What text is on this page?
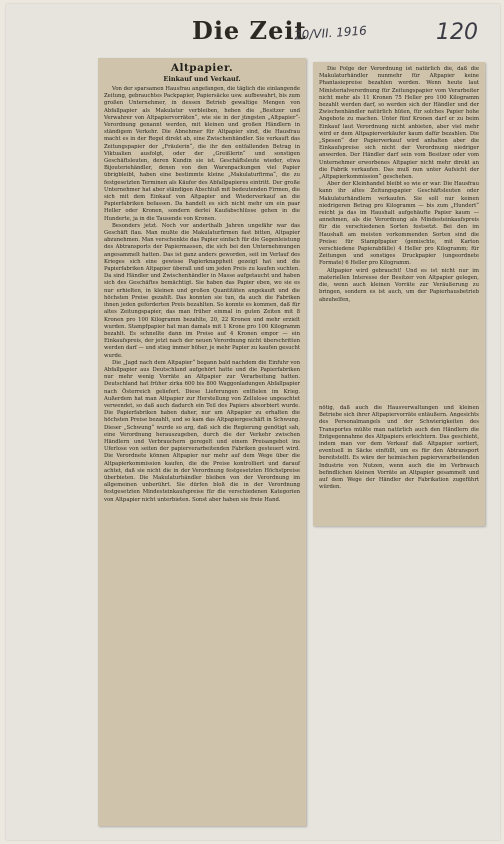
Die Zeit
20/VII. 1916	120
Altpapier.
Einkauf und Verkauf.

Von der sparsamen Hausfrau angefangen, die täglich die einlangende Zeitung, gebrauchtes Packpapier, Papiersäcke usw. aufbewahrt, bis zum großen Unternehmer, in dessen Betrieb gewaltige Mengen von Abfallpapier als Makulatur verbleiben, heben die „Besitzer und Verwahrer von Altpapiervorräten“, wie sie in der jüngsten „Altpapier“-Verordnung genannt werden, mit kleinen und großen Händlern in ständigem Verkehr. Die Abnehmer für Altpapier sind, die Hausfrau macht es in der Regel direkt ab, eine Zwischenhändler. Sie verkauft das Zeitungspapier der „Fräulerin“, die ihr den entfallenden Betrag in Viktualien ausfolgt, oder der „Greißlerin“ und sonstigen Geschäftsleuten, deren Kundin sie ist. Geschäftsleute wieder, etwa Bijouteriehändler, denen von den Warenpackungen viel Papier übrigbleibt, haben eine bestimmte kleine „Makulaturfirma“, die zu festgesetzten Terminen als Käufer des Abfallpapieres eintritt. Der große Unternehmer hat aber ständigen Abschluß mit bedeutenden Firmen, die sich mit dem Einkauf von Altpapier und Wiederverkauf an die Papierfabriken befassen. Da handelt es sich nicht mehr um ein paar Heller oder Kronen, sondern derlei Kaufabschlüsse gehen in die Hunderte, ja in die Tausende von Kronen.

Besonders jetzt. Noch vor anderthalb Jahren ungefähr war das Geschäft flau. Man mußte die Makulaturfirmen fast bitten, Altpapier abzunehmen. Man verschenkte das Papier einfach für die Gegenleistung des Abtransports der Papiermassen, die sich bei den Unternehmungen angesammelt hatten. Das ist ganz anders geworden, seit im Verlauf des Krieges sich eine gewisse Papierknappheit gezeigt hat und die Papierfabriken Altpapier überall und um jeden Preis zu kaufen suchten. Da sind Händler und Zwischenhändler in Masse aufgetaucht und haben sich des Geschäftes bemächtigt. Sie haben das Papier eben, wo sie es nur erhielten, in kleinen und großen Quantitäten angekauft und die höchsten Preise gezahlt. Das konnten sie tun, da auch die Fabriken ihnen jeden geforderten Preis bezahlten. So konnte es kommen, daß für altes Zeitungspapier, das man früher einmal in guten Zeiten mit 8 Kronen pro 100 Kilogramm bezahlte, 20, 22 Kronen und mehr erzielt wurden. Stampfpapier hat man damals mit 1 Krone pro 100 Kilogramm bezahlt. Es schnellte dann im Preise auf 4 Kronen empor — ein Einkaufspreis, der jetzt nach der neuen Verordnung nicht überschritten werden darf — und stieg immer höher, je mehr Papier zu kaufen gesucht wurde.

Die „Jagd nach dem Altpapier“ begann bald nachdem die Einfuhr von Abfallpapier aus Deutschland aufgehört hatte und die Papierfabriken nur mehr wenig Vorräte an Altpapier zur Verarbeitung hatten. Deutschland hat früher zirka 600 bis 800 Waggonladungen Abfallpapier nach Österreich geliefert. Diese Lieferungen entfielen im Krieg. Außerdem hat man Altpapier zur Herstellung von Zellulose ungeachtet verwendet, so daß auch dadurch ein Teil des Papiers absorbiert wurde. Die Papierfabriken haben daher, nur um Altpapier zu erhalten die höchsten Preise bezahlt, und so kam das Altpapiergeschäft in Schwung. Dieser „Schwung“ wurde so arg, daß sich die Regierung genötigt sah, eine Verordnung herauszugeben, durch die der Verkehr zwischen Händlern und Verbrauchern geregelt und einem Preisangebot ins Uferlose von seiten der papierverarbeitenden Fabriken gesteuert wird. Die Verordnete können Altpapier nur mehr auf dem Wege über die Altpapierkommission kaufen, die die Preise kontrolliert und darauf achtet, daß sie nicht die in der Verordnung festgesetzten Höchstpreise überbieten. Die Makulaturhändler bleiben von der Verordnung im allgemeinen unberührt. Sie dürfen bloß die in der Verordnung festgesetzten Mindesteinkaufspreise für die verschiedenen Kategorien von Altpapier nicht unterbieten. Sonst aber haben sie freie Hand.

Die Folge der Verordnung ist natürlich die, daß die Makulaturhändler nunmehr für Altpapier keine Phantasiepreise bezahlen werden. Wenn heute laut Ministerialverordnung für Zeitungspapier vom Verarbeiter nicht mehr als 11 Kronen 75 Heller pro 100 Kilogramm bezahlt werden darf, so werden sich der Händler und der Zwischenhändler natürlich hüten, für solches Papier hohe Angebote zu machen. Unter fünf Kronen darf er zu beim Einkauf laut Verordnung nicht anbieten, aber viel mehr wird er dem Altpapierverkäufer kaum dafür bezahlen. Die „Spesen“ der Papierverkauf wird anhalten aber die Einkaufspreise sich nicht der Verordnung niedriger anwerden. Der Händler darf sein vom Besitzer oder vom Unternehmer erworbenes Altpapier nicht mehr direkt an die Fabrik verkaufen. Das muß nun unter Aufsicht der „Altpapierkommission“ geschehen.

Aber der Kleinhandel bleibt so wie er war. Die Hausfrau kann ihr altes Zeitungspapier Geschäftsleuten oder Makulaturhändlern verkaufen. Sie soll nur keinen niedrigeren Betrag pro Kilogramm — bis zum „Hundert“ reicht ja das im Haushalt aufgehäufte Papier kaum — annehmen, als die Verordnung als Mindesteinkaufspreis für die verschiedenen Sorten festsetzt. Bei den im Haushalt am meisten vorkommenden Sorten sind die Preise: für Stampfpapier (gemischte, mit Karton verschiedene Papierabfälle) 4 Heller pro Kilogramm; für Zeitungen und sonstiges Druckpapier (ungeordnete Formate) 6 Heller pro Kilogramm.

Altpapier wird gebraucht! Und es ist nicht nur im materiellen Interesse der Besitzer von Altpapier gelegen, die, wenn auch kleinen Vorräte zur Veräußerung zu bringen, sondern es ist auch, um der Papierhausbetrieb abzuhelfen,

nötig, daß auch die Hausverwaltungen und kleinen Betriebe sich ihrer Altpapiervorräte entäußern. Angesichts des Personalmangels und der Schwierigkeiten des Transportes müßte man natürlich auch den Händlern die Entgegennahme des Altpapiers erleichtern. Das geschieht, indem man vor dem Verkauf daß Altpapier sortiert, eventuell in Säcke einfüllt, um es für den Abtransport bereitstellt. Es wäre der heimischen papierverarbeitenden Industrie von Nutzen, wenn auch die im Verbrauch befindlichen kleinen Vorräte an Altpapier gesammelt und auf dem Wege der Händler der Fabrikation zugeführt würden.
